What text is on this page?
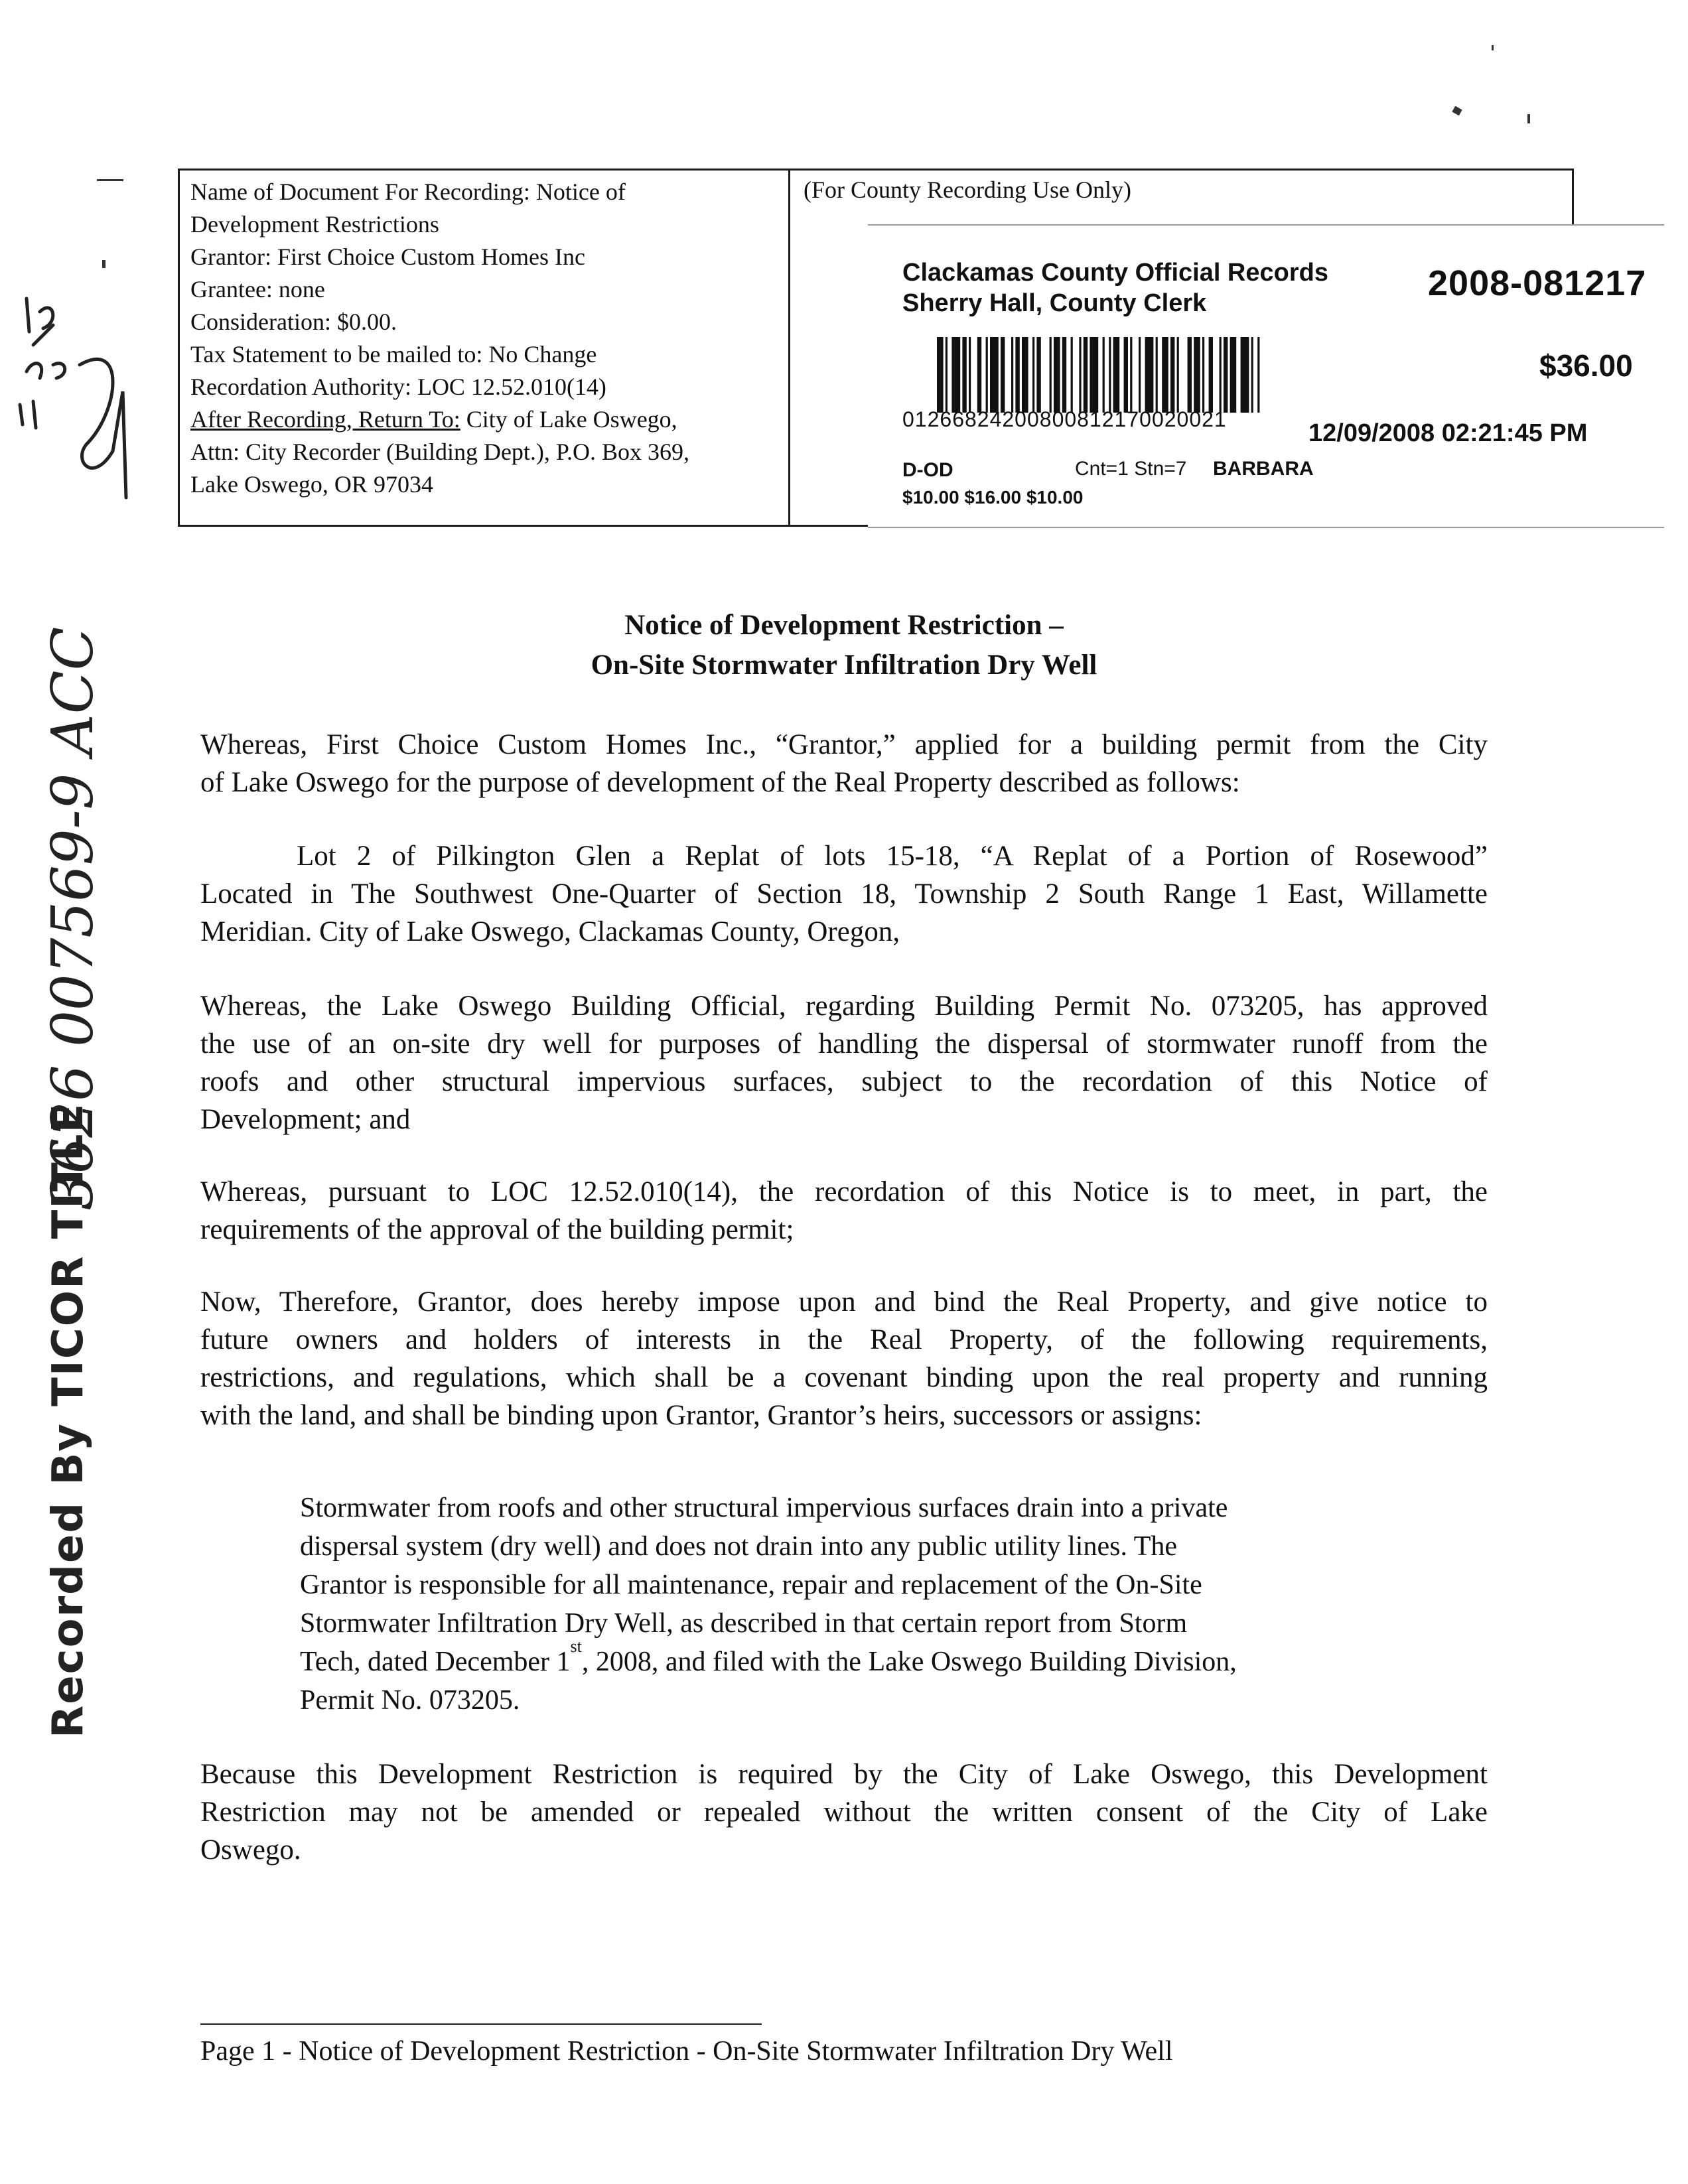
Name of Document For Recording: Notice of
Development Restrictions
Grantor: First Choice Custom Homes Inc
Grantee: none
Consideration: $0.00.
Tax Statement to be mailed to: No Change
Recordation Authority: LOC 12.52.010(14)
After Recording, Return To: City of Lake Oswego,
Attn: City Recorder (Building Dept.), P.O. Box 369,
Lake Oswego, OR 97034
(For County Recording Use Only)
Clackamas County Official Records
Sherry Hall, County Clerk	2008-081217
$36.00
01266824200800812170020021	12/09/2008 02:21:45 PM
D-OD	Cnt=1 Stn=7 BARBARA
$10.00 $16.00 $10.00
Notice of Development Restriction –
On-Site Stormwater Infiltration Dry Well
Whereas, First Choice Custom Homes Inc., “Grantor,” applied for a building permit from the City
of Lake Oswego for the purpose of development of the Real Property described as follows:
Lot 2 of Pilkington Glen a Replat of lots 15-18, “A Replat of a Portion of Rosewood”
Located in The Southwest One-Quarter of Section 18, Township 2 South Range 1 East, Willamette
Meridian. City of Lake Oswego, Clackamas County, Oregon,
Whereas, the Lake Oswego Building Official, regarding Building Permit No. 073205, has approved
the use of an on-site dry well for purposes of handling the dispersal of stormwater runoff from the
roofs and other structural impervious surfaces, subject to the recordation of this Notice of
Development; and
Whereas, pursuant to LOC 12.52.010(14), the recordation of this Notice is to meet, in part, the
requirements of the approval of the building permit;
Now, Therefore, Grantor, does hereby impose upon and bind the Real Property, and give notice to
future owners and holders of interests in the Real Property, of the following requirements,
restrictions, and regulations, which shall be a covenant binding upon the real property and running
with the land, and shall be binding upon Grantor, Grantor’s heirs, successors or assigns:
Stormwater from roofs and other structural impervious surfaces drain into a private
dispersal system (dry well) and does not drain into any public utility lines. The
Grantor is responsible for all maintenance, repair and replacement of the On-Site
Stormwater Infiltration Dry Well, as described in that certain report from Storm
Tech, dated December 1st, 2008, and filed with the Lake Oswego Building Division,
Permit No. 073205.
Because this Development Restriction is required by the City of Lake Oswego, this Development
Restriction may not be amended or repealed without the written consent of the City of Lake
Oswego.
Page 1 - Notice of Development Restriction - On-Site Stormwater Infiltration Dry Well
Recorded By TICOR TITLE
3626 007569-9 ACC
